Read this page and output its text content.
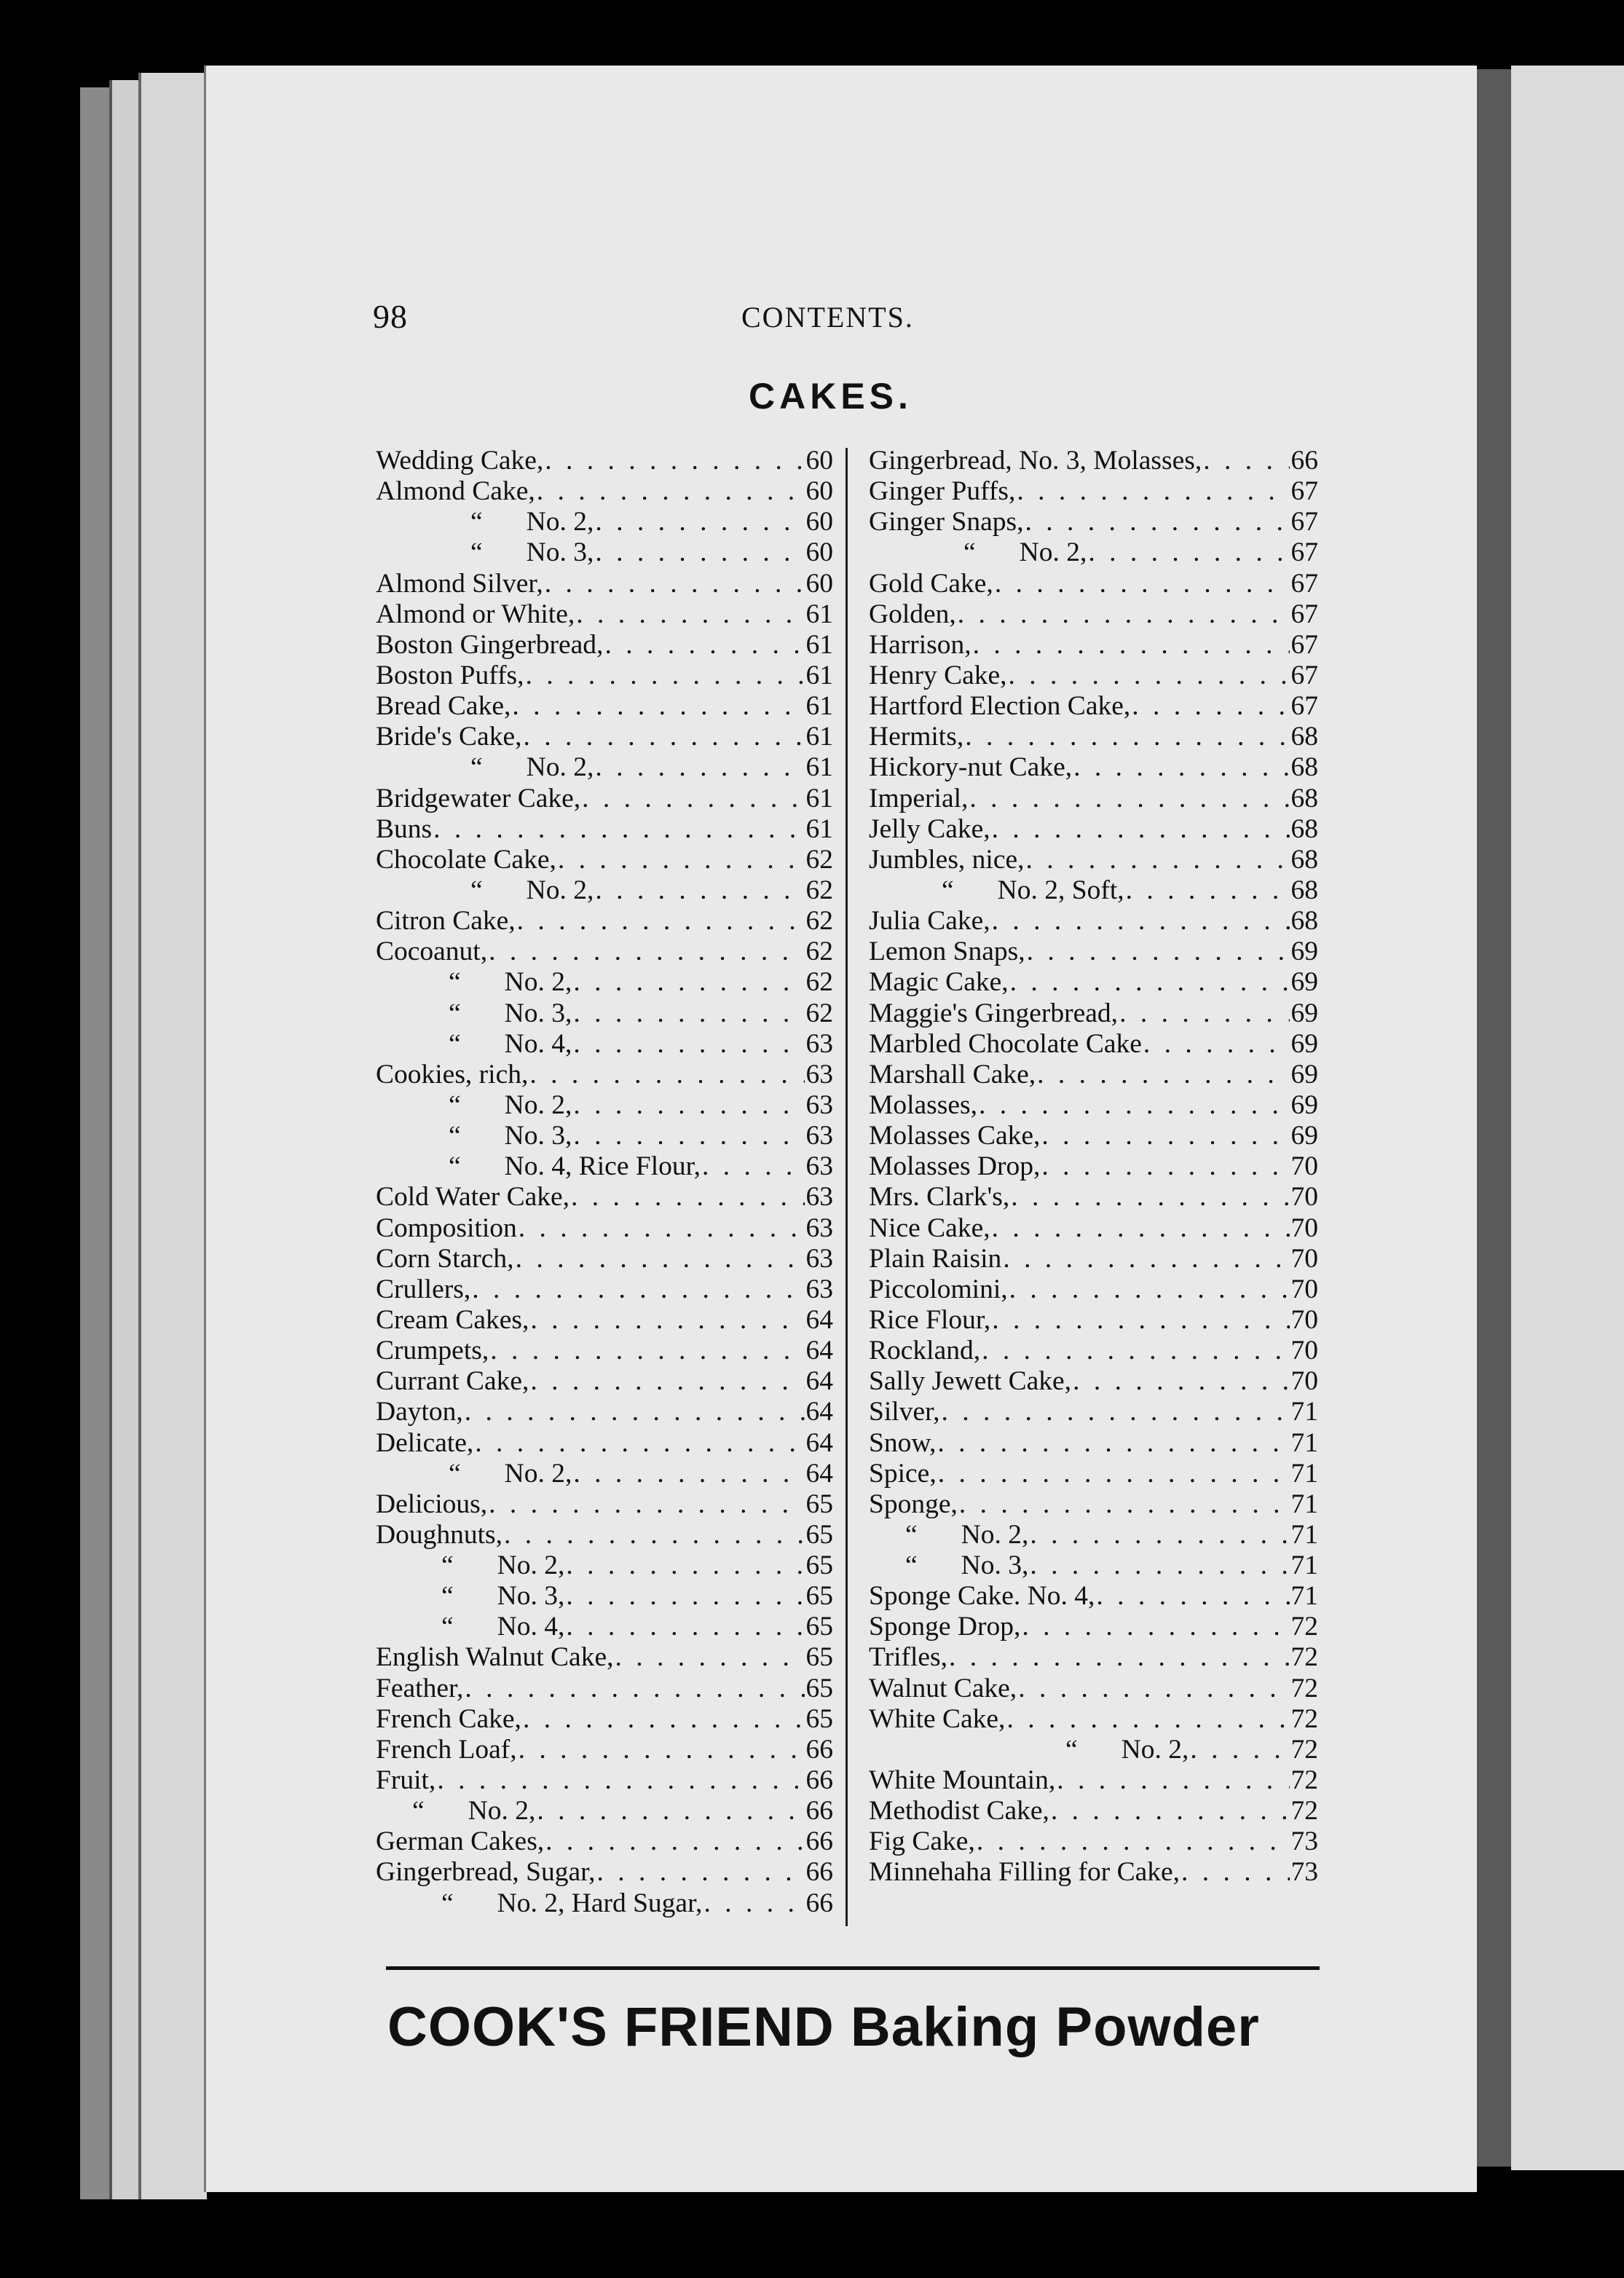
98	CONTENTS.
CAKES.
Wedding Cake, . . .	60
Almond Cake, . . .	60
“ No. 2, . . .	60
“ No. 3, . . .	60
Almond Silver, . . .	60
Almond or White, . . .	61
Boston Gingerbread, . . .	61
Boston Puffs, . . .	61
Bread Cake, . . .	61
Bride's Cake, . . .	61
“ No. 2, . . .	61
Bridgewater Cake, . . .	61
Buns . . .	61
Chocolate Cake, . . .	62
“ No. 2, . . .	62
Citron Cake, . . .	62
Cocoanut, . . .	62
“ No. 2, . . .	62
“ No. 3, . . .	62
“ No. 4, . . .	63
Cookies, rich, . . .	63
“ No. 2, . . .	63
“ No. 3, . . .	63
“ No. 4, Rice Flour, . . .	63
Cold Water Cake, . . .	63
Composition . . .	63
Corn Starch, . . .	63
Crullers, . . .	63
Cream Cakes, . . .	64
Crumpets, . . .	64
Currant Cake, . . .	64
Dayton, . . .	64
Delicate, . . .	64
“ No. 2, . . .	64
Delicious, . . .	65
Doughnuts, . . .	65
“ No. 2, . . .	65
“ No. 3, . . .	65
“ No. 4, . . .	65
English Walnut Cake, . . .	65
Feather, . . .	65
French Cake, . . .	65
French Loaf, . . .	66
Fruit, . . .	66
“ No. 2, . . .	66
German Cakes, . . .	66
Gingerbread, Sugar, . . .	66
“ No. 2, Hard Sugar, . . .	66
Gingerbread, No. 3, Molasses, . . .	66
Ginger Puffs, . . .	67
Ginger Snaps, . . .	67
“ No. 2, . . .	67
Gold Cake, . . .	67
Golden, . . .	67
Harrison, . . .	67
Henry Cake, . . .	67
Hartford Election Cake, . . .	67
Hermits, . . .	68
Hickory-nut Cake, . . .	68
Imperial, . . .	68
Jelly Cake, . . .	68
Jumbles, nice, . . .	68
“ No. 2, Soft, . . .	68
Julia Cake, . . .	68
Lemon Snaps, . . .	69
Magic Cake, . . .	69
Maggie's Gingerbread, . . .	69
Marbled Chocolate Cake . . .	69
Marshall Cake, . . .	69
Molasses, . . .	69
Molasses Cake, . . .	69
Molasses Drop, . . .	70
Mrs. Clark's, . . .	70
Nice Cake, . . .	70
Plain Raisin . . .	70
Piccolomini, . . .	70
Rice Flour, . . .	70
Rockland, . . .	70
Sally Jewett Cake, . . .	70
Silver, . . .	71
Snow, . . .	71
Spice, . . .	71
Sponge, . . .	71
“ No. 2, . . .	71
“ No. 3, . . .	71
Sponge Cake. No. 4, . . .	71
Sponge Drop, . . .	72
Trifles, . . .	72
Walnut Cake, . . .	72
White Cake, . . .	72
“ No. 2, . . .	72
White Mountain, . . .	72
Methodist Cake, . . .	72
Fig Cake, . . .	73
Minnehaha Filling for Cake, . . .	73
COOK'S FRIEND Baking Powder
